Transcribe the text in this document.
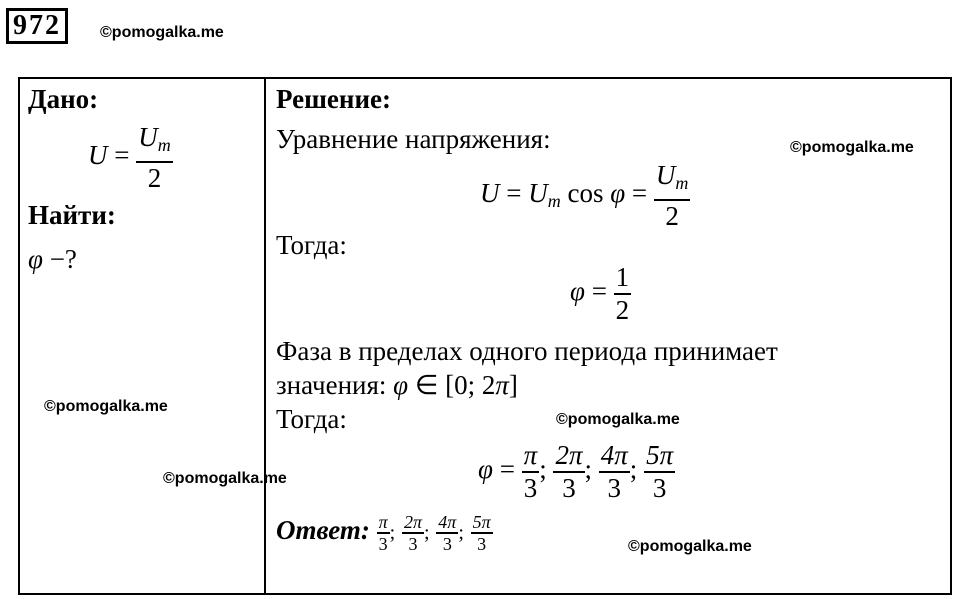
972	©pomogalka.me
Дано:
$U = \frac{U_m}{2}$
Найти:
φ −?
©pomogalka.me
©pomogalka.me
Решение:
Уравнение напряжения:	©pomogalka.me
$U = U_m$ $\cos \varphi = \frac{U_m}{2}$
Тогда:
$\varphi = \frac{1}{2}$
Фаза в пределах одного периода принимает
значения: φ ∈ [0; 2π]
Тогда:	©pomogalka.me
$\varphi = \frac{\pi}{3}$ ; $\frac{2\pi}{3}$ ; $\frac{4\pi}{3}$ ; $\frac{5\pi}{3}$
Ответ: $\frac{\pi}{3}$ ; $\frac{2\pi}{3}$ ; $\frac{4\pi}{3}$ ; $\frac{5\pi}{3}$	©pomogalka.me
